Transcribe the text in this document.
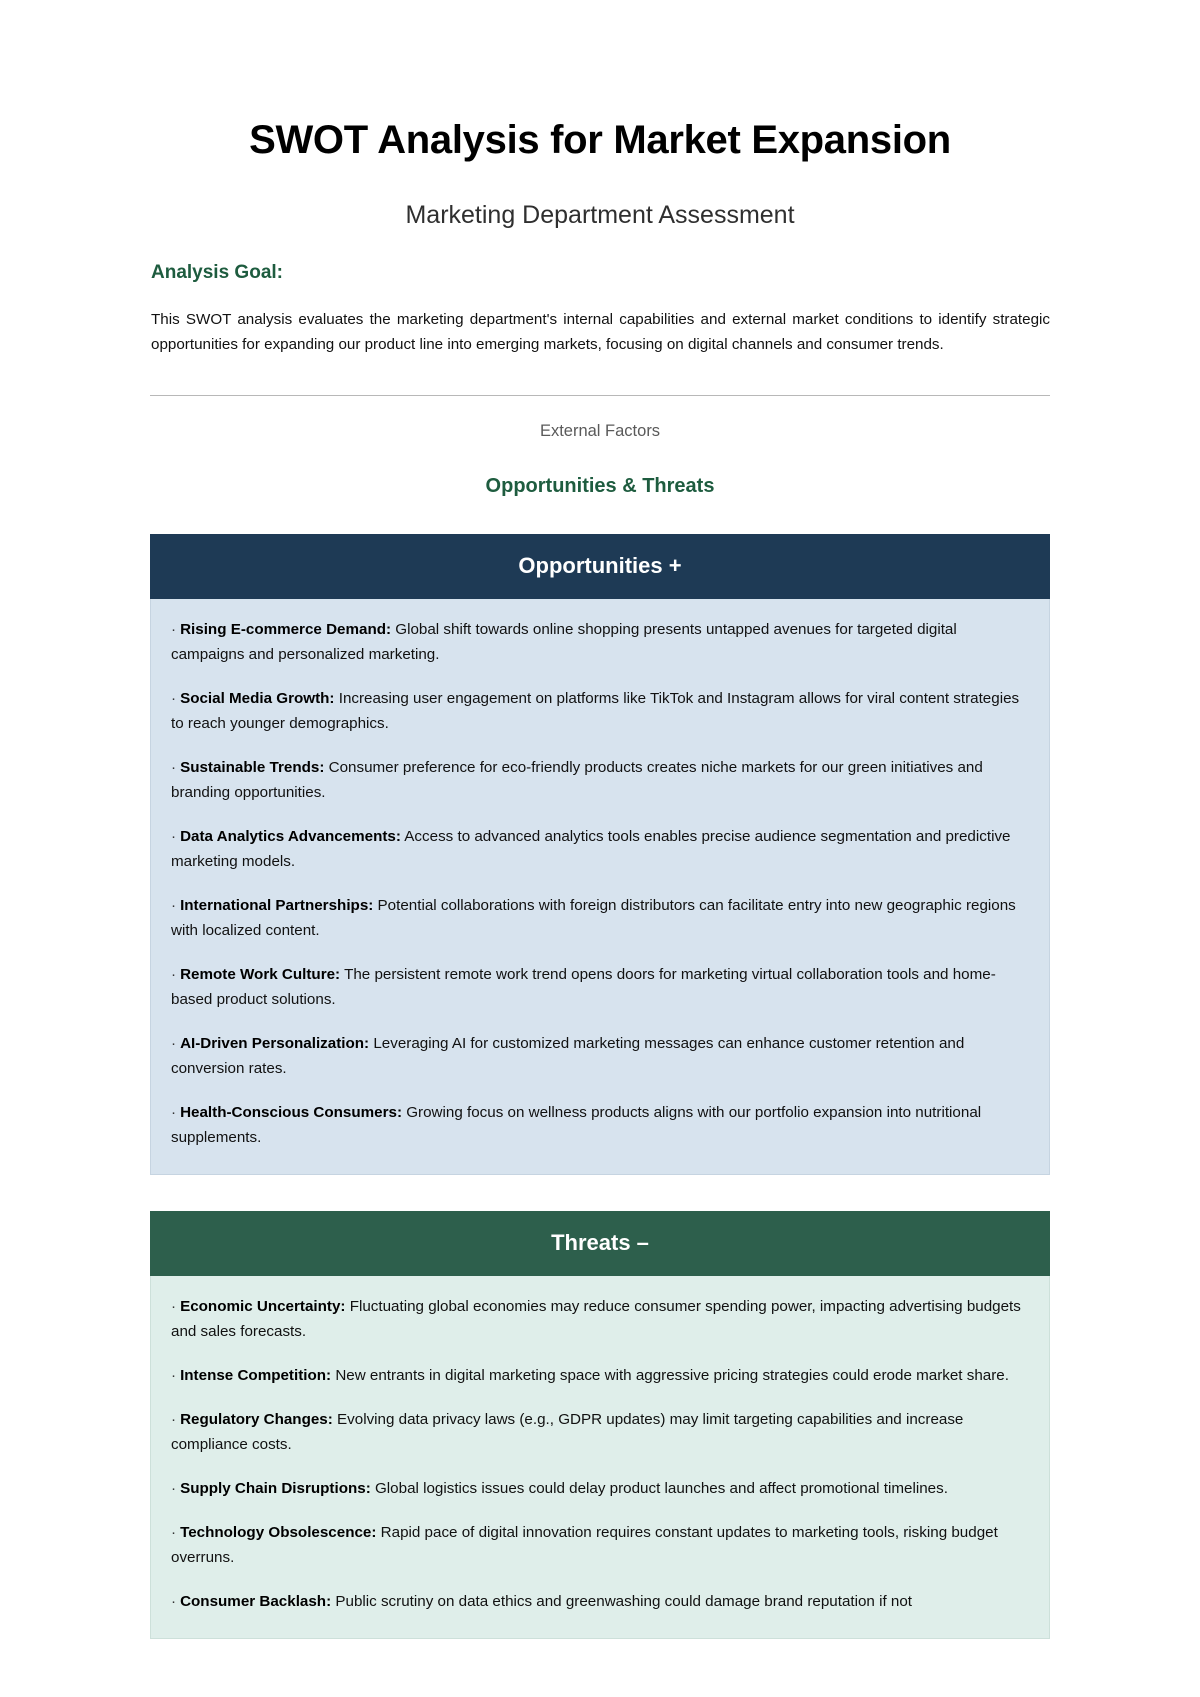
SWOT Analysis for Market Expansion
Marketing Department Assessment
Analysis Goal:

This SWOT analysis evaluates the marketing department's internal capabilities and external market conditions to identify strategic opportunities for expanding our product line into emerging markets, focusing on digital channels and consumer trends.

External Factors
Opportunities & Threats
Opportunities +

· Rising E-commerce Demand: Global shift towards online shopping presents untapped avenues for targeted digital campaigns and personalized marketing.

· Social Media Growth: Increasing user engagement on platforms like TikTok and Instagram allows for viral content strategies to reach younger demographics.

· Sustainable Trends: Consumer preference for eco-friendly products creates niche markets for our green initiatives and branding opportunities.

· Data Analytics Advancements: Access to advanced analytics tools enables precise audience segmentation and predictive marketing models.

· International Partnerships: Potential collaborations with foreign distributors can facilitate entry into new geographic regions with localized content.

· Remote Work Culture: The persistent remote work trend opens doors for marketing virtual collaboration tools and home-based product solutions.

· AI-Driven Personalization: Leveraging AI for customized marketing messages can enhance customer retention and conversion rates.

· Health-Conscious Consumers: Growing focus on wellness products aligns with our portfolio expansion into nutritional supplements.

Threats –

· Economic Uncertainty: Fluctuating global economies may reduce consumer spending power, impacting advertising budgets and sales forecasts.

· Intense Competition: New entrants in digital marketing space with aggressive pricing strategies could erode market share.

· Regulatory Changes: Evolving data privacy laws (e.g., GDPR updates) may limit targeting capabilities and increase compliance costs.

· Supply Chain Disruptions: Global logistics issues could delay product launches and affect promotional timelines.

· Technology Obsolescence: Rapid pace of digital innovation requires constant updates to marketing tools, risking budget overruns.

· Consumer Backlash: Public scrutiny on data ethics and greenwashing could damage brand reputation if not
